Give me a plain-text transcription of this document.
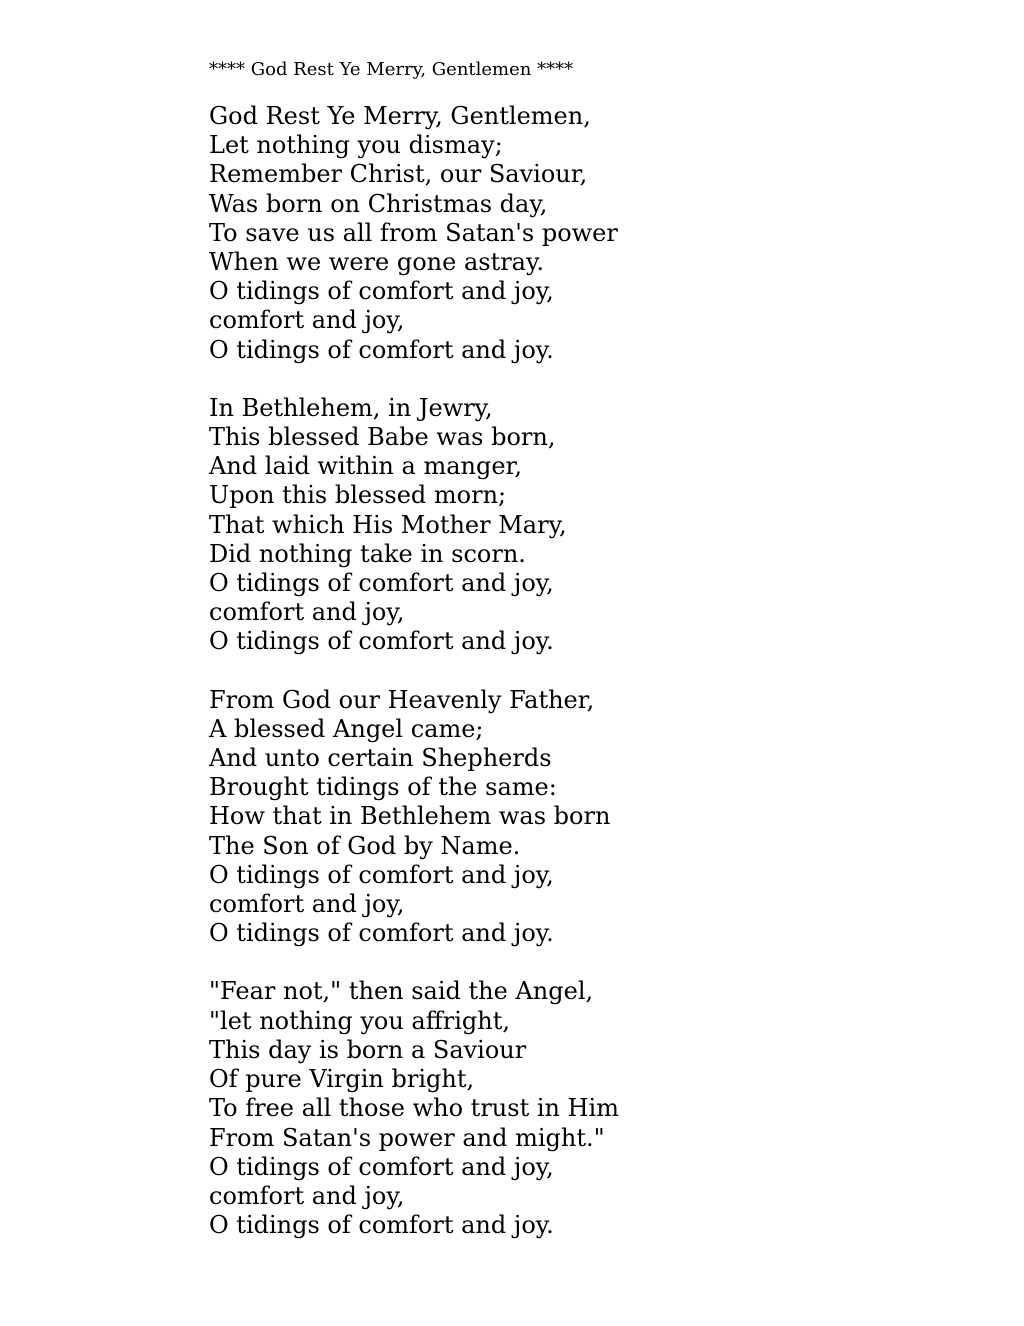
**** God Rest Ye Merry, Gentlemen ****
God Rest Ye Merry, Gentlemen,
Let nothing you dismay;
Remember Christ, our Saviour,
Was born on Christmas day,
To save us all from Satan's power
When we were gone astray.
O tidings of comfort and joy,
comfort and joy,
O tidings of comfort and joy.
In Bethlehem, in Jewry,
This blessed Babe was born,
And laid within a manger,
Upon this blessed morn;
That which His Mother Mary,
Did nothing take in scorn.
O tidings of comfort and joy,
comfort and joy,
O tidings of comfort and joy.
From God our Heavenly Father,
A blessed Angel came;
And unto certain Shepherds
Brought tidings of the same:
How that in Bethlehem was born
The Son of God by Name.
O tidings of comfort and joy,
comfort and joy,
O tidings of comfort and joy.
"Fear not," then said the Angel,
"let nothing you affright,
This day is born a Saviour
Of pure Virgin bright,
To free all those who trust in Him
From Satan's power and might."
O tidings of comfort and joy,
comfort and joy,
O tidings of comfort and joy.
